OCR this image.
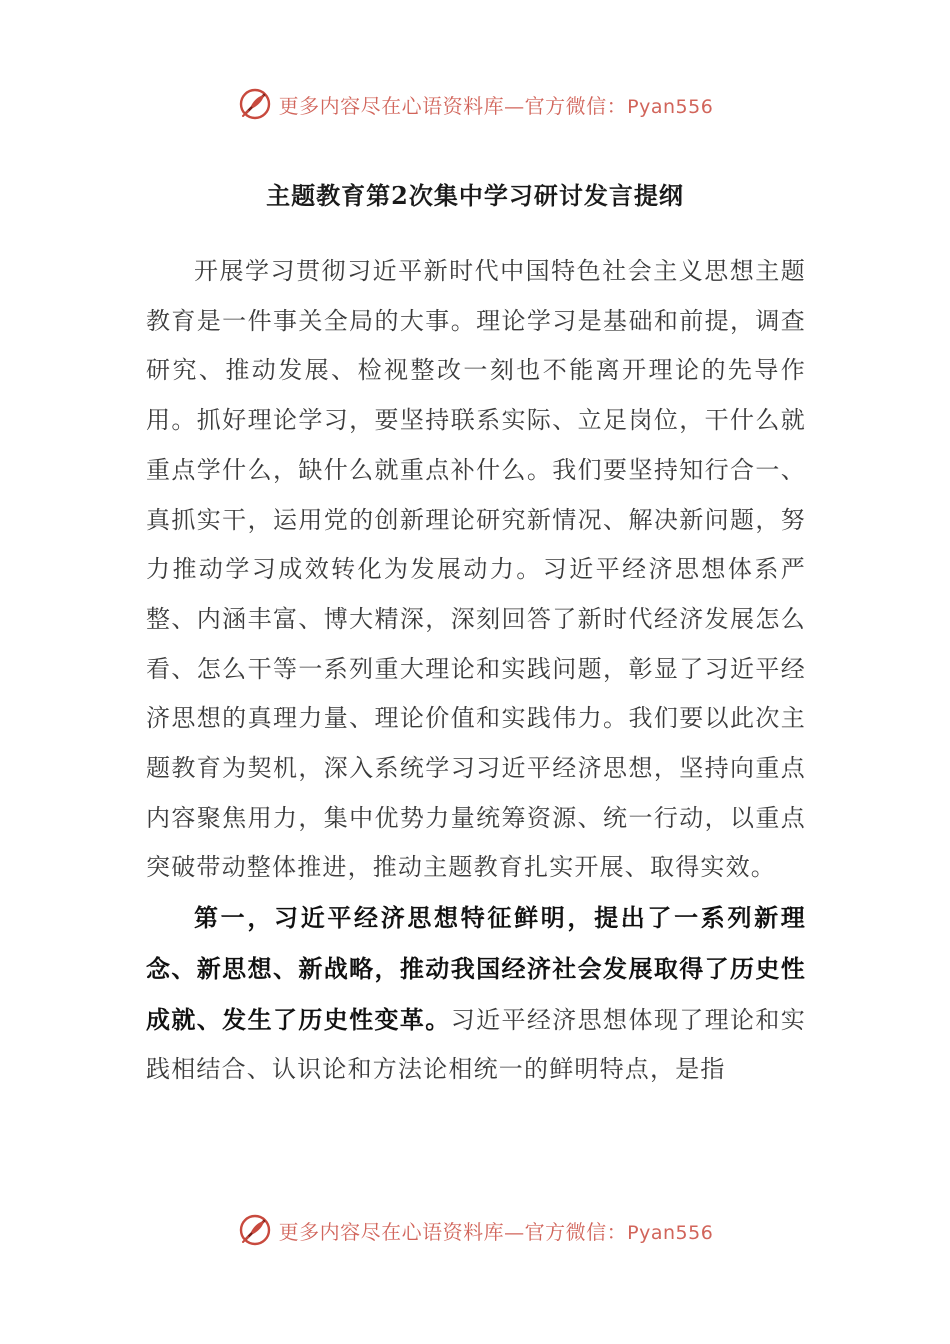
更多内容尽在心语资料库—官方微信：Pyan556
主题教育第2次集中学习研讨发言提纲

开展学习贯彻习近平新时代中国特色社会主义思想主题教育是一件事关全局的大事。理论学习是基础和前提，调查研究、推动发展、检视整改一刻也不能离开理论的先导作用。抓好理论学习，要坚持联系实际、立足岗位，干什么就重点学什么，缺什么就重点补什么。我们要坚持知行合一、真抓实干，运用党的创新理论研究新情况、解决新问题，努力推动学习成效转化为发展动力。习近平经济思想体系严整、内涵丰富、博大精深，深刻回答了新时代经济发展怎么看、怎么干等一系列重大理论和实践问题，彰显了习近平经济思想的真理力量、理论价值和实践伟力。我们要以此次主题教育为契机，深入系统学习习近平经济思想，坚持向重点内容聚焦用力，集中优势力量统筹资源、统一行动，以重点突破带动整体推进，推动主题教育扎实开展、取得实效。

第一，习近平经济思想特征鲜明，提出了一系列新理念、新思想、新战略，推动我国经济社会发展取得了历史性成就、发生了历史性变革。习近平经济思想体现了理论和实践相结合、认识论和方法论相统一的鲜明特点，是指

更多内容尽在心语资料库—官方微信：Pyan556
